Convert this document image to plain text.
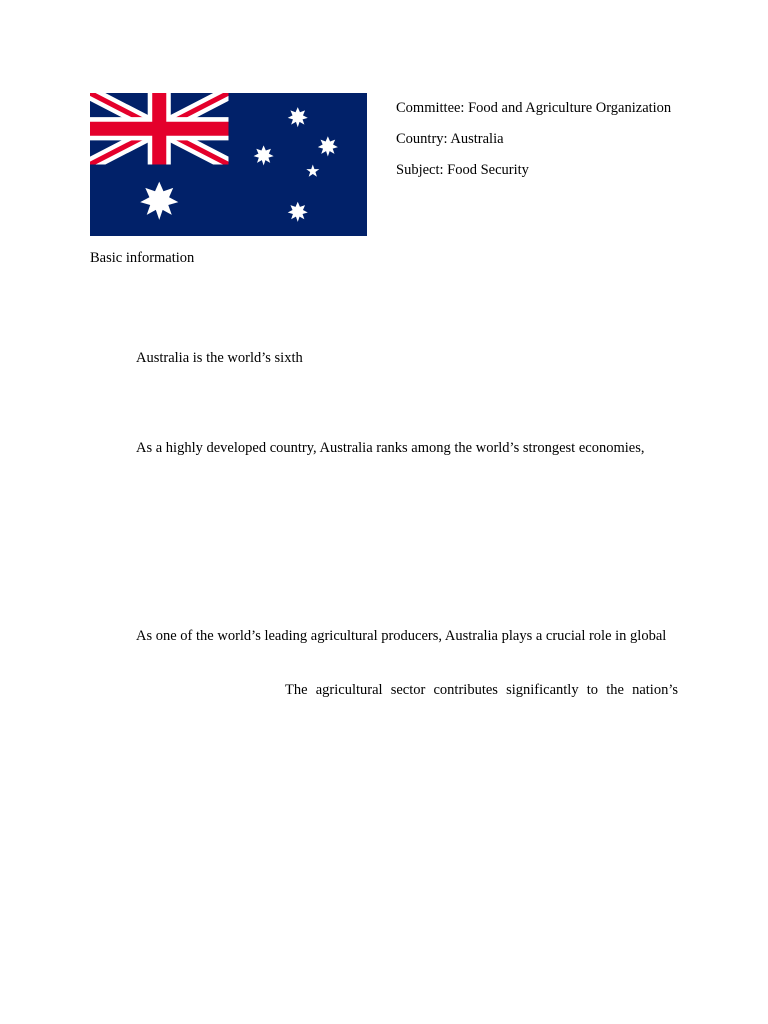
Committee: Food and Agriculture Organization
Country: Australia
Subject: Food Security
Basic information
Australia is the world’s sixth
As a highly developed country, Australia ranks among the world’s strongest economies,
As one of the world’s leading agricultural producers, Australia plays a crucial role in global
The agricultural sector contributes significantly to the nation’s
